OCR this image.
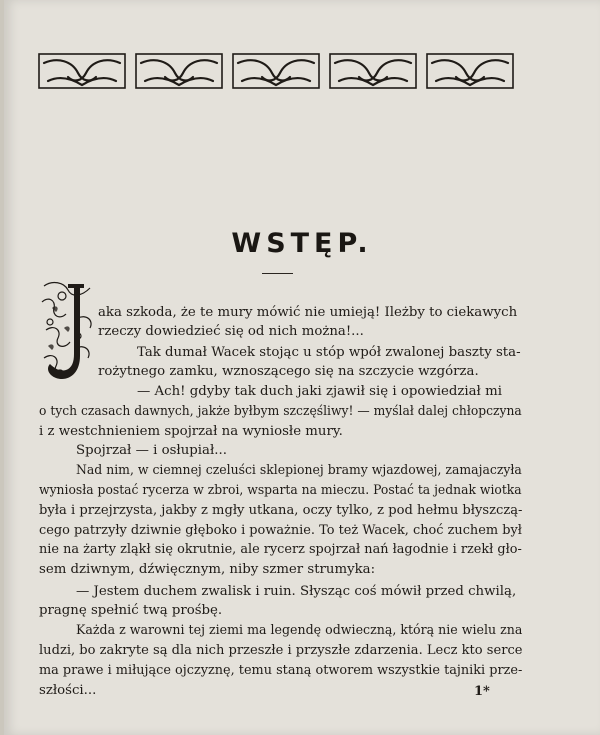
WSTĘP.
aka szkoda, że te mury mówić nie umieją! Ileżby to ciekawych
rzeczy dowiedzieć się od nich można!...
Tak dumał Wacek stojąc u stóp wpół zwalonej baszty sta-
rożytnego zamku, wznoszącego się na szczycie wzgórza.
— Ach! gdyby tak duch jaki zjawił się i opowiedział mi
o tych czasach dawnych, jakże byłbym szczęśliwy! — myślał dalej chłopczyna
i z westchnieniem spojrzał na wyniosłe mury.
Spojrzał — i osłupiał...
Nad nim, w ciemnej czeluści sklepionej bramy wjazdowej, zamajaczyła
wyniosła postać rycerza w zbroi, wsparta na mieczu. Postać ta jednak wiotka
była i przejrzysta, jakby z mgły utkana, oczy tylko, z pod hełmu błyszczą-
cego patrzyły dziwnie głęboko i poważnie. To też Wacek, choć zuchem był
nie na żarty zląkł się okrutnie, ale rycerz spojrzał nań łagodnie i rzekł gło-
sem dziwnym, dźwięcznym, niby szmer strumyka:
— Jestem duchem zwalisk i ruin. Słysząc coś mówił przed chwilą,
pragnę spełnić twą prośbę.
Każda z warowni tej ziemi ma legendę odwieczną, którą nie wielu zna
ludzi, bo zakryte są dla nich przeszłe i przyszłe zdarzenia. Lecz kto serce
ma prawe i miłujące ojczyznę, temu staną otworem wszystkie tajniki prze-
szłości...	1*
